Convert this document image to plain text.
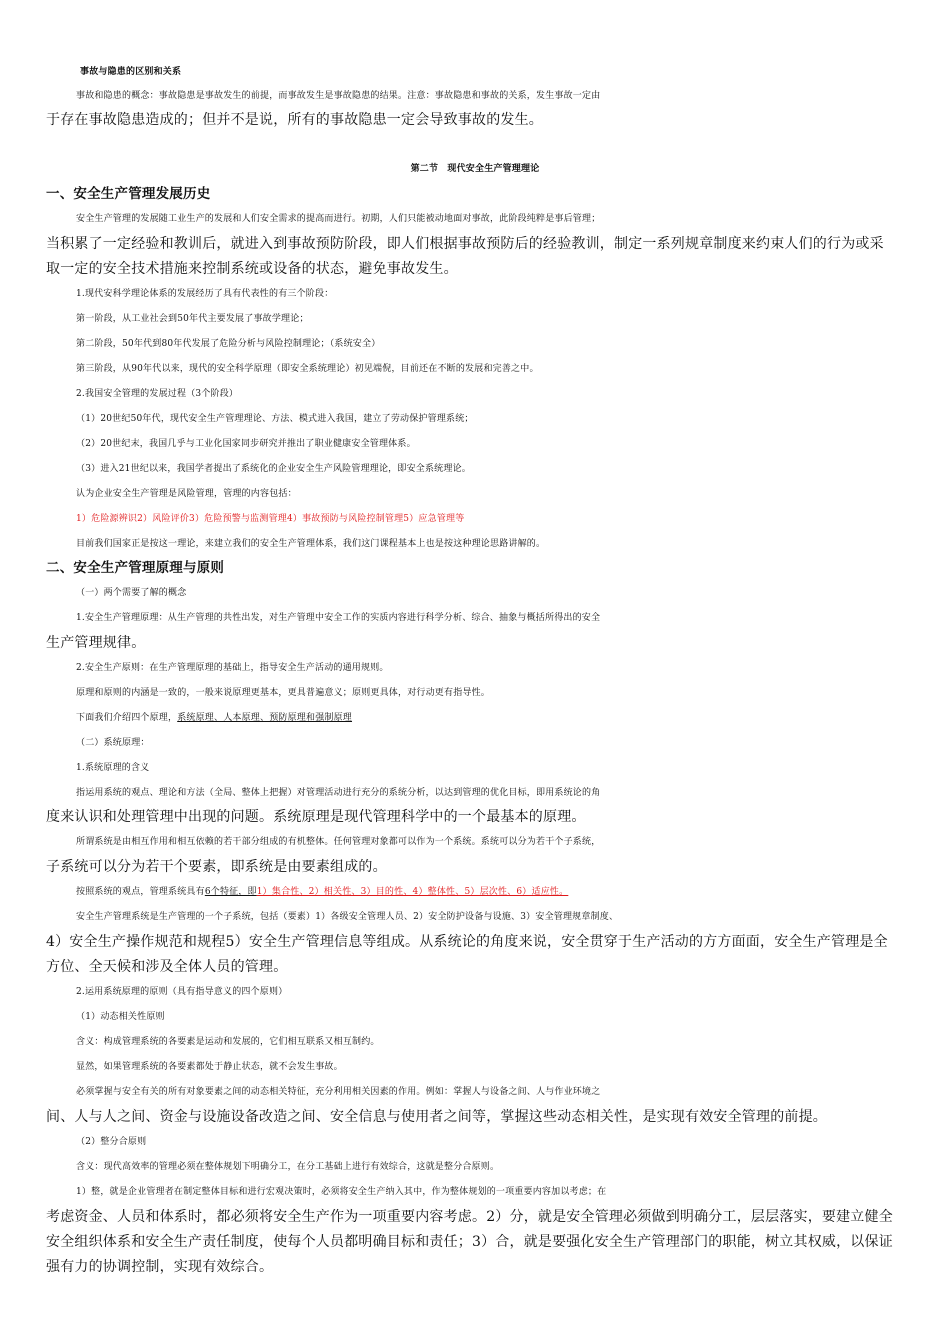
事故与隐患的区别和关系
事故和隐患的概念：事故隐患是事故发生的前提，而事故发生是事故隐患的结果。注意：事故隐患和事故的关系，发生事故一定由
于存在事故隐患造成的；但并不是说，所有的事故隐患一定会导致事故的发生。
第二节　现代安全生产管理理论
一、安全生产管理发展历史
安全生产管理的发展随工业生产的发展和人们安全需求的提高而进行。初期，人们只能被动地面对事故，此阶段纯粹是事后管理；
当积累了一定经验和教训后，就进入到事故预防阶段，即人们根据事故预防后的经验教训，制定一系列规章制度来约束人们的行为或采
取一定的安全技术措施来控制系统或设备的状态，避免事故发生。
1.现代安科学理论体系的发展经历了具有代表性的有三个阶段：
第一阶段，从工业社会到50年代主要发展了事故学理论；
第二阶段，50年代到80年代发展了危险分析与风险控制理论；（系统安全）
第三阶段，从90年代以来，现代的安全科学原理（即安全系统理论）初见端倪，目前还在不断的发展和完善之中。
2.我国安全管理的发展过程（3个阶段）
（1）20世纪50年代，现代安全生产管理理论、方法、模式进入我国，建立了劳动保护管理系统；
（2）20世纪末，我国几乎与工业化国家同步研究并推出了职业健康安全管理体系。
（3）进入21世纪以来，我国学者提出了系统化的企业安全生产风险管理理论，即安全系统理论。
认为企业安全生产管理是风险管理，管理的内容包括：
1）危险源辨识2）风险评价3）危险预警与监测管理4）事故预防与风险控制管理5）应急管理等
目前我们国家正是按这一理论，来建立我们的安全生产管理体系，我们这门课程基本上也是按这种理论思路讲解的。
二、安全生产管理原理与原则
（一）两个需要了解的概念
1.安全生产管理原理：从生产管理的共性出发，对生产管理中安全工作的实质内容进行科学分析、综合、抽象与概括所得出的安全
生产管理规律。
2.安全生产原则：在生产管理原理的基础上，指导安全生产活动的通用规则。
原理和原则的内涵是一致的，一般来说原理更基本，更具普遍意义；原则更具体，对行动更有指导性。
下面我们介绍四个原理，系统原理、人本原理、预防原理和强制原理
（二）系统原理：
1.系统原理的含义
指运用系统的观点、理论和方法（全局、整体上把握）对管理活动进行充分的系统分析，以达到管理的优化目标，即用系统论的角
度来认识和处理管理中出现的问题。系统原理是现代管理科学中的一个最基本的原理。
所谓系统是由相互作用和相互依赖的若干部分组成的有机整体。任何管理对象都可以作为一个系统。系统可以分为若干个子系统，
子系统可以分为若干个要素，即系统是由要素组成的。
按照系统的观点，管理系统具有6个特征，即1）集合性、2）相关性、3）目的性、4）整体性、5）层次性、6）适应性。
安全生产管理系统是生产管理的一个子系统，包括（要素）1）各级安全管理人员、2）安全防护设备与设施、3）安全管理规章制度、
4）安全生产操作规范和规程5）安全生产管理信息等组成。从系统论的角度来说，安全贯穿于生产活动的方方面面，安全生产管理是全
方位、全天候和涉及全体人员的管理。
2.运用系统原理的原则（具有指导意义的四个原则）
（1）动态相关性原则
含义：构成管理系统的各要素是运动和发展的，它们相互联系又相互制约。
显然，如果管理系统的各要素都处于静止状态，就不会发生事故。
必须掌握与安全有关的所有对象要素之间的动态相关特征，充分利用相关因素的作用。例如：掌握人与设备之间、人与作业环境之
间、人与人之间、资金与设施设备改造之间、安全信息与使用者之间等，掌握这些动态相关性，是实现有效安全管理的前提。
（2）整分合原则
含义：现代高效率的管理必须在整体规划下明确分工，在分工基础上进行有效综合，这就是整分合原则。
1）整，就是企业管理者在制定整体目标和进行宏观决策时，必须将安全生产纳入其中，作为整体规划的一项重要内容加以考虑；在
考虑资金、人员和体系时，都必须将安全生产作为一项重要内容考虑。2）分，就是安全管理必须做到明确分工，层层落实，要建立健全
安全组织体系和安全生产责任制度，使每个人员都明确目标和责任；3）合，就是要强化安全生产管理部门的职能，树立其权威，以保证
强有力的协调控制，实现有效综合。
